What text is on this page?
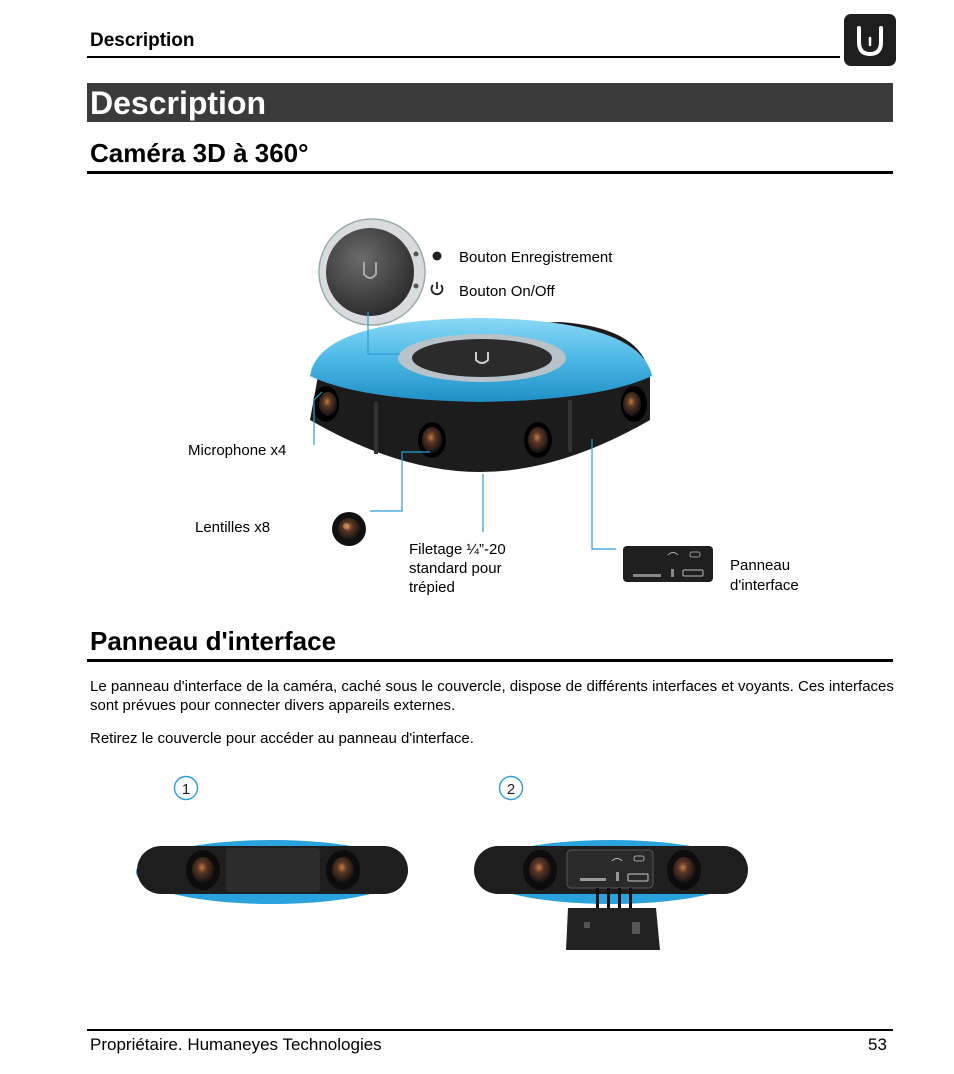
Description
Description
Caméra 3D à 360°
Bouton Enregistrement
Bouton On/Off
Microphone x4
Lentilles x8
Filetage ¼”-20
standard pour
trépied
Panneau
d'interface
Panneau d'interface
Le panneau d'interface de la caméra, caché sous le couvercle, dispose de différents interfaces et voyants. Ces interfaces sont prévues pour connecter divers appareils externes.
Retirez le couvercle pour accéder au panneau d'interface.
1	2
Propriétaire. Humaneyes Technologies	53
